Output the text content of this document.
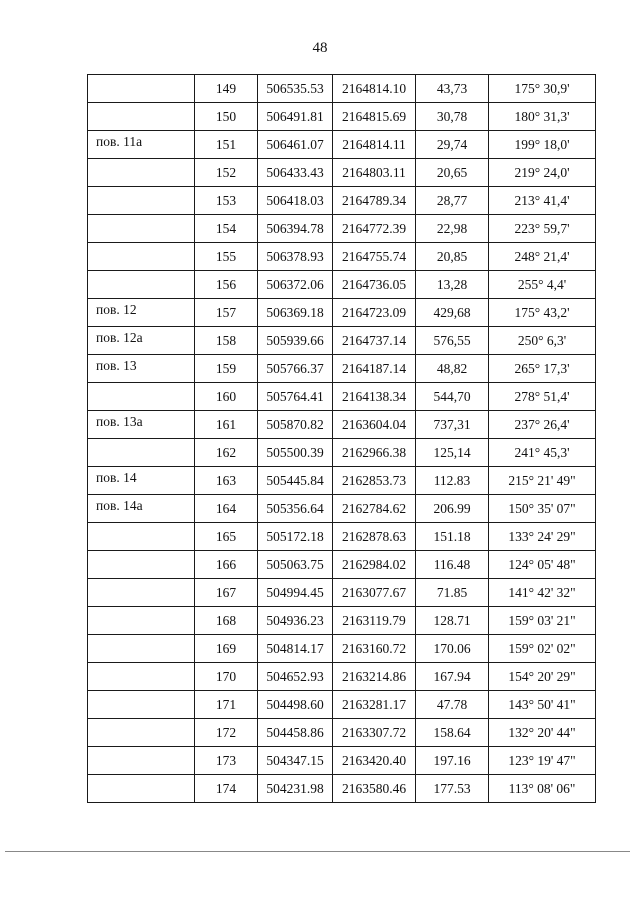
48
	149	506535.53	2164814.10	43,73	175° 30,9'
	150	506491.81	2164815.69	30,78	180° 31,3'
пов. 11а	151	506461.07	2164814.11	29,74	199° 18,0'
	152	506433.43	2164803.11	20,65	219° 24,0'
	153	506418.03	2164789.34	28,77	213° 41,4'
	154	506394.78	2164772.39	22,98	223° 59,7'
	155	506378.93	2164755.74	20,85	248° 21,4'
	156	506372.06	2164736.05	13,28	255° 4,4'
пов. 12	157	506369.18	2164723.09	429,68	175° 43,2'
пов. 12а	158	505939.66	2164737.14	576,55	250° 6,3'
пов. 13	159	505766.37	2164187.14	48,82	265° 17,3'
	160	505764.41	2164138.34	544,70	278° 51,4'
пов. 13а	161	505870.82	2163604.04	737,31	237° 26,4'
	162	505500.39	2162966.38	125,14	241° 45,3'
пов. 14	163	505445.84	2162853.73	112.83	215° 21' 49"
пов. 14а	164	505356.64	2162784.62	206.99	150° 35' 07"
	165	505172.18	2162878.63	151.18	133° 24' 29"
	166	505063.75	2162984.02	116.48	124° 05' 48"
	167	504994.45	2163077.67	71.85	141° 42' 32"
	168	504936.23	2163119.79	128.71	159° 03' 21"
	169	504814.17	2163160.72	170.06	159° 02' 02"
	170	504652.93	2163214.86	167.94	154° 20' 29"
	171	504498.60	2163281.17	47.78	143° 50' 41"
	172	504458.86	2163307.72	158.64	132° 20' 44"
	173	504347.15	2163420.40	197.16	123° 19' 47"
	174	504231.98	2163580.46	177.53	113° 08' 06"
